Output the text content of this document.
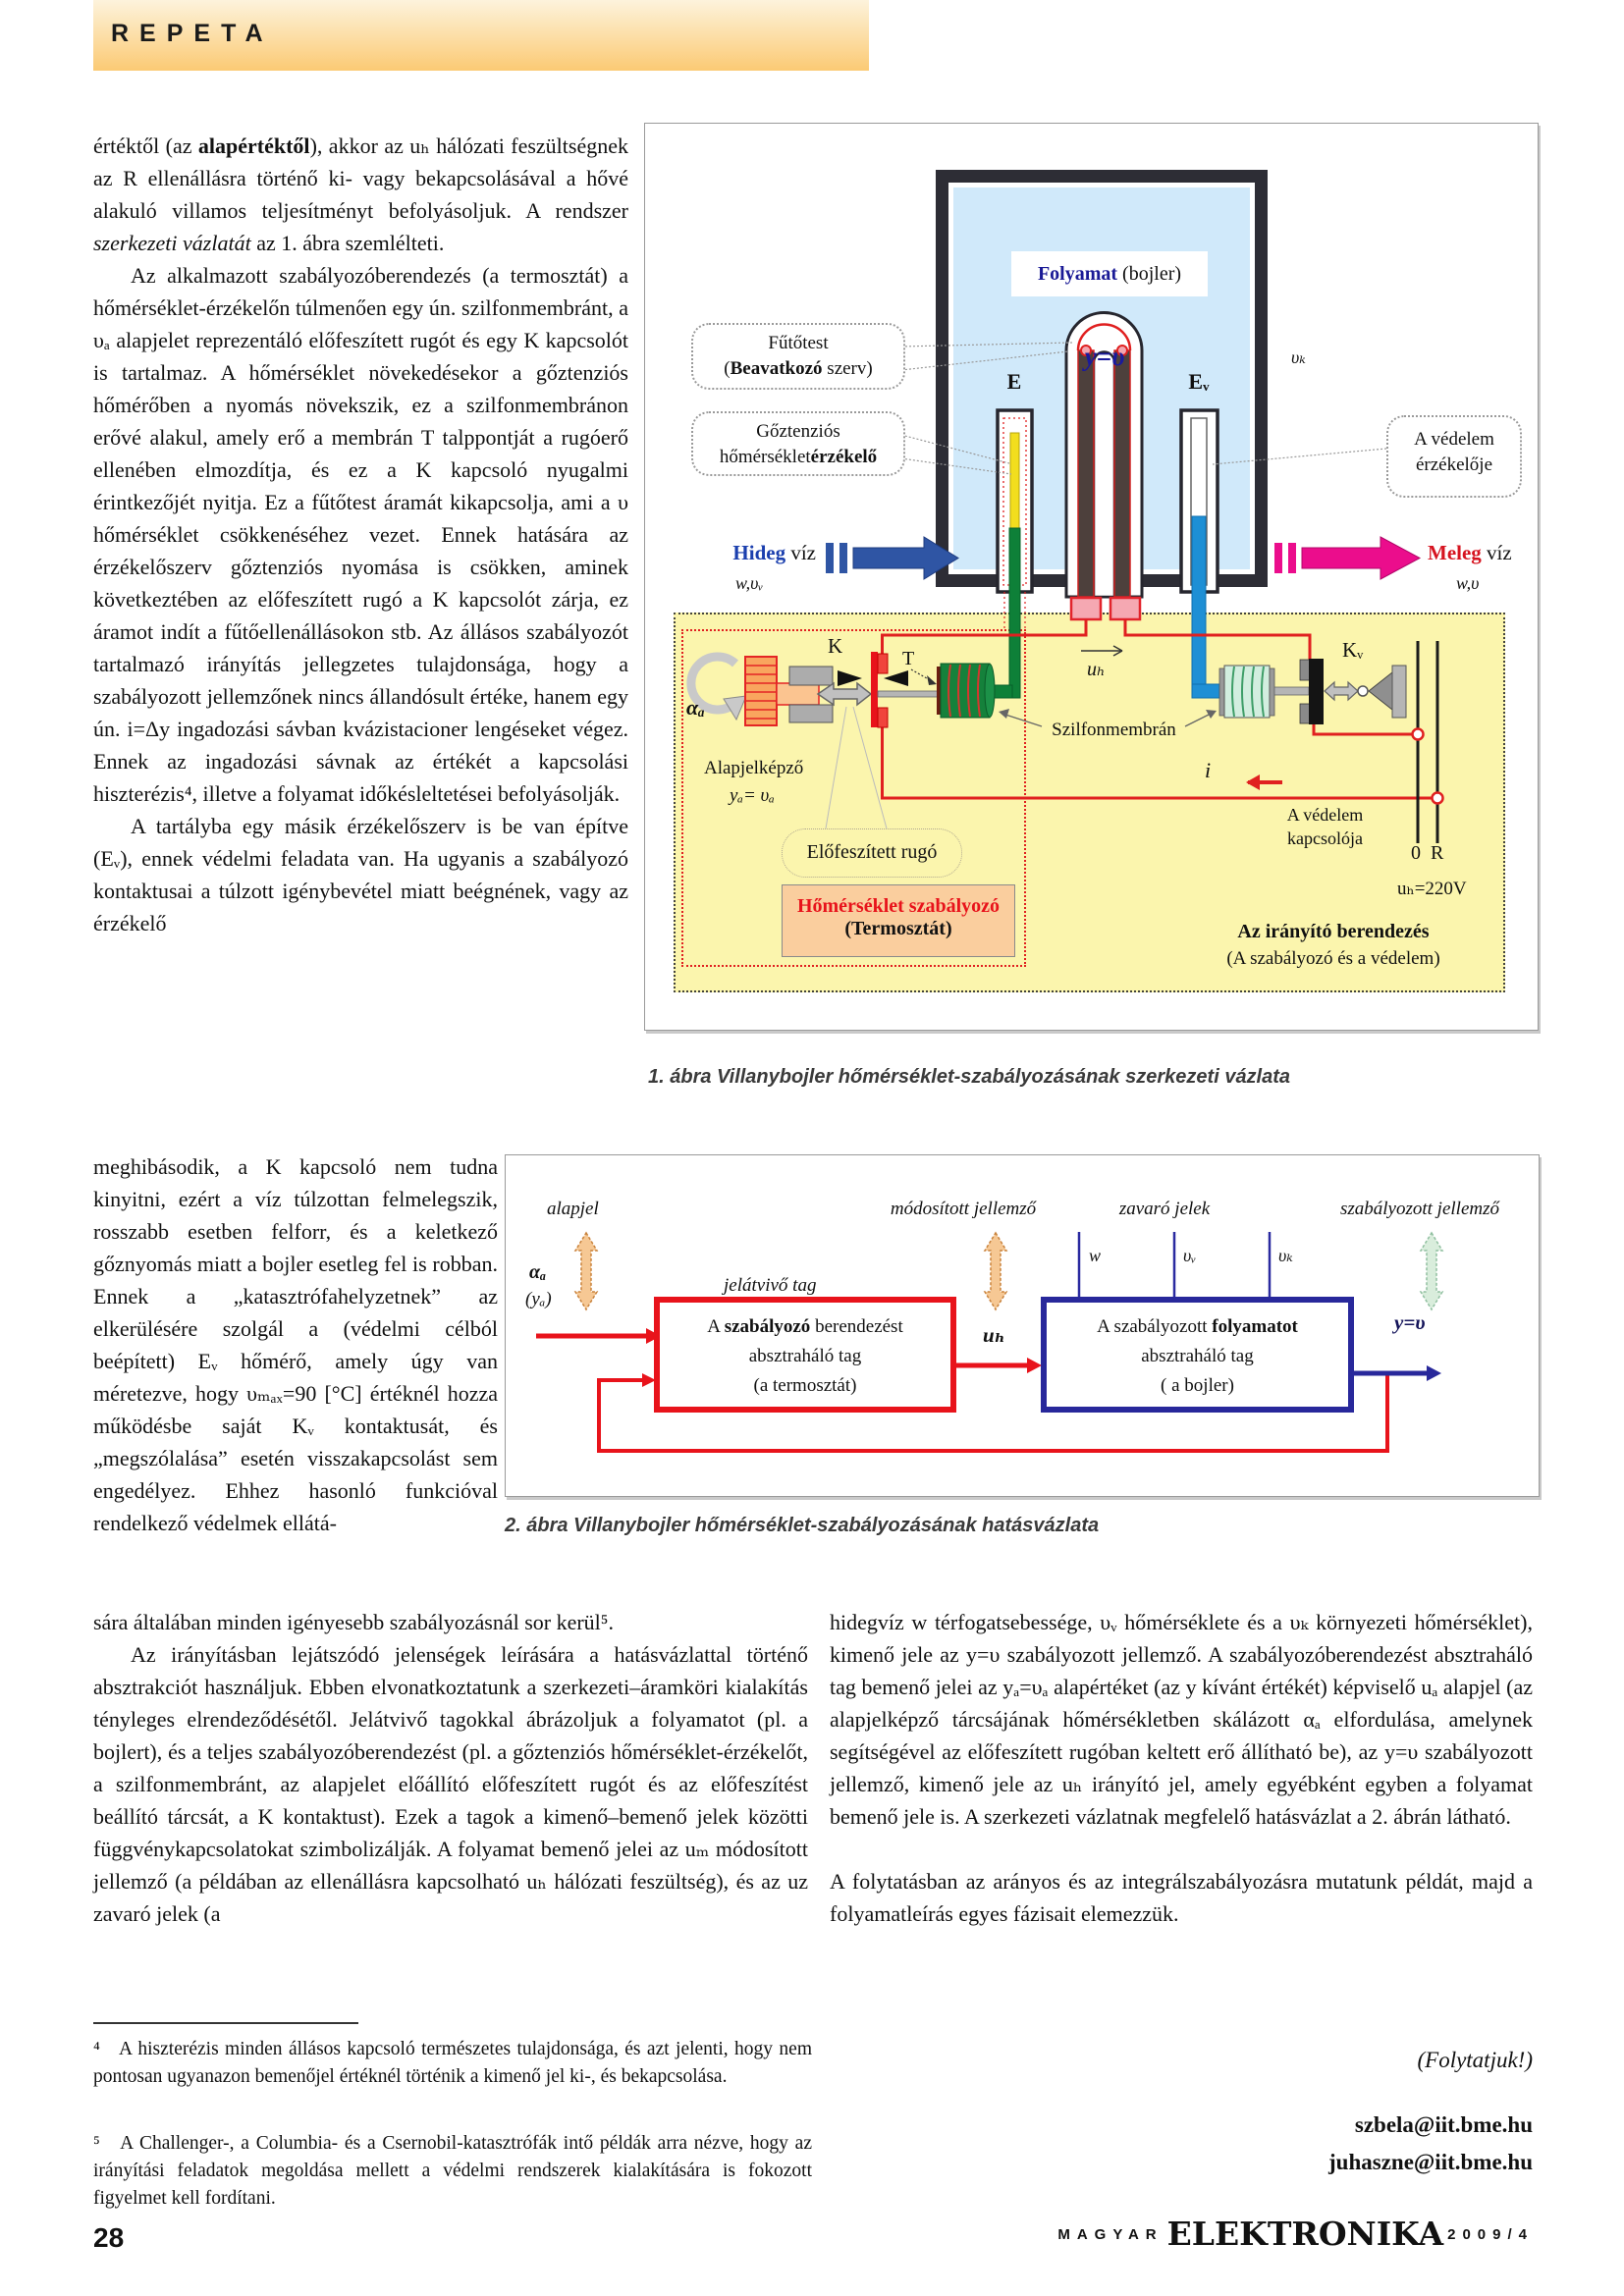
REPETA

értéktől (az alapértéktől), akkor az uₕ hálózati feszültségnek az R ellenállásra történő ki- vagy bekapcsolásával a hővé alakuló villamos teljesítményt befolyásoljuk. A rendszer szerkezeti vázlatát az 1. ábra szemlélteti.

Az alkalmazott szabályozóberendezés (a termosztát) a hőmérséklet-érzékelőn túlmenően egy ún. szilfonmembránt, a υₐ alapjelet reprezentáló előfeszített rugót és egy K kapcsolót is tartalmaz. A hőmérséklet növekedésekor a gőztenziós hőmérőben a nyomás növekszik, ez a szilfonmembránon erővé alakul, amely erő a membrán T talppontját a rugóerő ellenében elmozdítja, és ez a K kapcsoló nyugalmi érintkezőjét nyitja. Ez a fűtőtest áramát kikapcsolja, ami a υ hőmérséklet csökkenéséhez vezet. Ennek hatására az érzékelőszerv gőztenziós nyomása is csökken, aminek következtében az előfeszített rugó a K kapcsolót zárja, ez áramot indít a fűtőellenállásokon stb. Az állásos szabályozót tartalmazó irányítás jellegzetes tulajdonsága, hogy a szabályozott jellemzőnek nincs állandósult értéke, hanem egy ún. i=Δy ingadozási sávban kvázistacioner lengéseket végez. Ennek az ingadozási sávnak az értékét a kapcsolási hiszterézis⁴, illetve a folyamat időkésleltetései befolyásolják.

A tartályba egy másik érzékelőszerv is be van építve (Eᵥ), ennek védelmi feladata van. Ha ugyanis a szabályozó kontaktusai a túlzott igénybevétel miatt beégnének, vagy az érzékelő

meghibásodik, a K kapcsoló nem tudna kinyitni, ezért a víz túlzottan felmelegszik, rosszabb esetben felforr, és a keletkező gőznyomás miatt a bojler esetleg fel is robban. Ennek a „katasztrófahelyzetnek” az elkerülésére szolgál a (védelmi célból beépített) Eᵥ hőmérő, amely úgy van méretezve, hogy υₘₐₓ=90 [°C] értéknél hozza működésbe saját Kᵥ kontaktusát, és „megszólalása” esetén visszakapcsolást sem engedélyez. Ehhez hasonló funkcióval rendelkező védelmek ellátá-

sára általában minden igényesebb szabályozásnál sor kerül⁵.

Az irányításban lejátszódó jelenségek leírására a hatásvázlattal történő absztrakciót használjuk. Ebben elvonatkoztatunk a szerkezeti–áramköri kialakítás tényleges elrendeződésétől. Jelátvivő tagokkal ábrázoljuk a folyamatot (pl. a bojlert), és a teljes szabályozóberendezést (pl. a gőztenziós hőmérséklet-érzékelőt, a szilfonmembránt, az alapjelet előállító előfeszített rugót és az előfeszítést beállító tárcsát, a K kontaktust). Ezek a tagok a kimenő–bemenő jelek közötti függvénykapcsolatokat szimbolizálják. A folyamat bemenő jelei az uₘ módosított jellemző (a példában az ellenállásra kapcsolható uₕ hálózati feszültség), és az uz zavaró jelek (a

hidegvíz w térfogatsebessége, υᵥ hőmérséklete és a υₖ környezeti hőmérséklet), kimenő jele az y=υ szabályozott jellemző. A szabályozóberendezést absztraháló tag bemenő jelei az yₐ=υₐ alapértéket (az y kívánt értékét) képviselő uₐ alapjel (az alapjelképző tárcsájának hőmérsékletben skálázott αₐ elfordulása, amelynek segítségével az előfeszített rugóban keltett erő állítható be), az y=υ szabályozott jellemző, kimenő jele az uₕ irányító jel, amely egyébként egyben a folyamat bemenő jele is. A szerkezeti vázlatnak megfelelő hatásvázlat a 2. ábrán látható.

A folytatásban az arányos és az integrálszabályozásra mutatunk példát, majd a folyamatleírás egyes fázisait elemezzük.

(Folytatjuk!)
szbela@iit.bme.hu
juhaszne@iit.bme.hu
⁴   A hiszterézis minden állásos kapcsoló természetes tulajdonsága, és azt jelenti, hogy nem pontosan ugyanazon bemenőjel értéknél történik a kimenő jel ki-, és bekapcsolása.
⁵   A Challenger-, a Columbia- és a Csernobil-katasztrófák intő példák arra nézve, hogy az irányítási feladatok megoldása mellett a védelmi rendszerek kialakítására is fokozott figyelmet kell fordítani.
28	MAGYAR ELEKTRONIKA 2009/4
Hőmérséklet szabályozó
(Termosztát)
Folyamat (bojler)
y=υ	υₖ
E	Eᵥ
Fűtőtest
(Beavatkozó szerv)
Gőztenziós
hőmérsékletérzékelő
A védelem
érzékelője
Hideg víz
w,υᵥ
Meleg víz
w,υ
K
T	uₕ
Kᵥ
Szilfonmembrán
αₐ
Alapjelképző
yₐ= υₐ
Előfeszített rugó
i
A védelem
kapcsolója
0 R
uₕ=220V
Az irányító berendezés
(A szabályozó és a védelem)
1. ábra Villanybojler hőmérséklet-szabályozásának szerkezeti vázlata
alapjel	módosított jellemző	zavaró jelek	szabályozott jellemző
αₐ
(yₐ)
jelátvivő tag
w	υᵥ	υₖ
A szabályozó berendezést
absztraháló tag
(a termosztát)
A szabályozott folyamatot
absztraháló tag
( a bojler)
uₕ
y=υ
2. ábra Villanybojler hőmérséklet-szabályozásának hatásvázlata
